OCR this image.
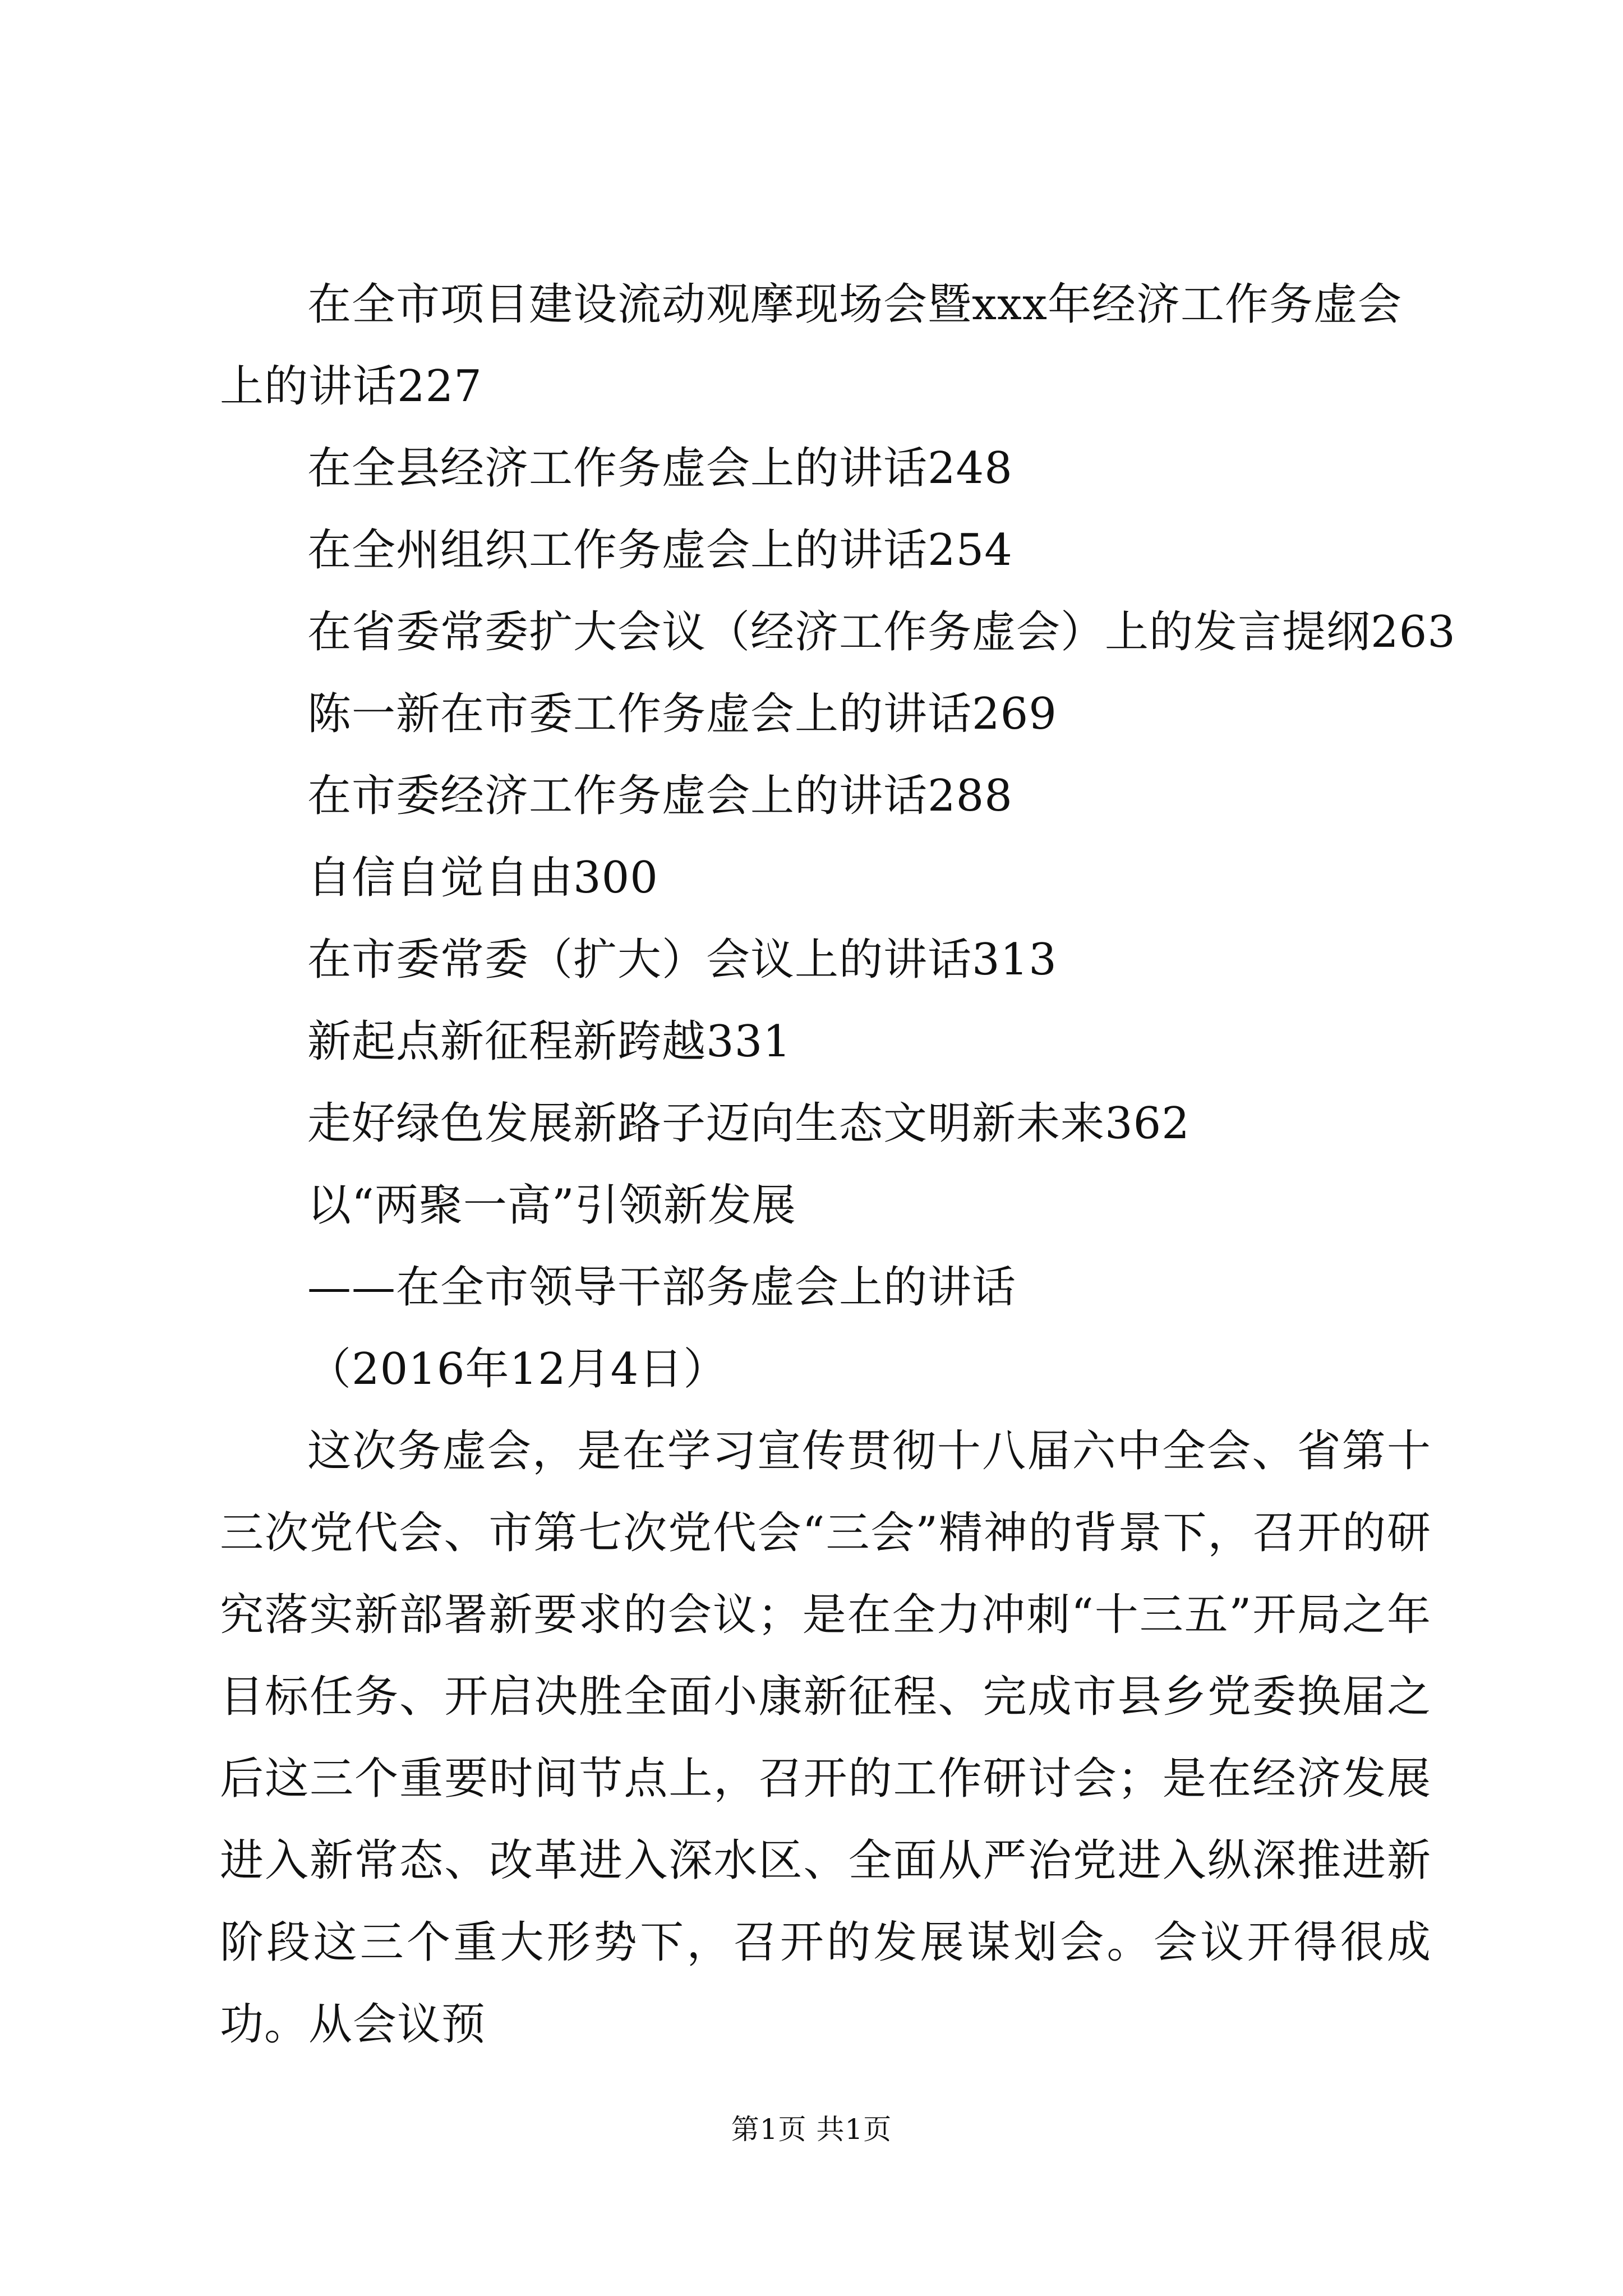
在全市项目建设流动观摩现场会暨xxx年经济工作务虚会
上的讲话227
在全县经济工作务虚会上的讲话248
在全州组织工作务虚会上的讲话254
在省委常委扩大会议（经济工作务虚会）上的发言提纲263
陈一新在市委工作务虚会上的讲话269
在市委经济工作务虚会上的讲话288
自信自觉自由300
在市委常委（扩大）会议上的讲话313
新起点新征程新跨越331
走好绿色发展新路子迈向生态文明新未来362
以“两聚一高”引领新发展
——在全市领导干部务虚会上的讲话
（2016年12月4日）
这次务虚会，是在学习宣传贯彻十八届六中全会、省第十三次党代会、市第七次党代会“三会”精神的背景下，召开的研究落实新部署新要求的会议；是在全力冲刺“十三五”开局之年目标任务、开启决胜全面小康新征程、完成市县乡党委换届之后这三个重要时间节点上，召开的工作研讨会；是在经济发展进入新常态、改革进入深水区、全面从严治党进入纵深推进新阶段这三个重大形势下，召开的发展谋划会。会议开得很成功。从会议预
第1页 共1页
